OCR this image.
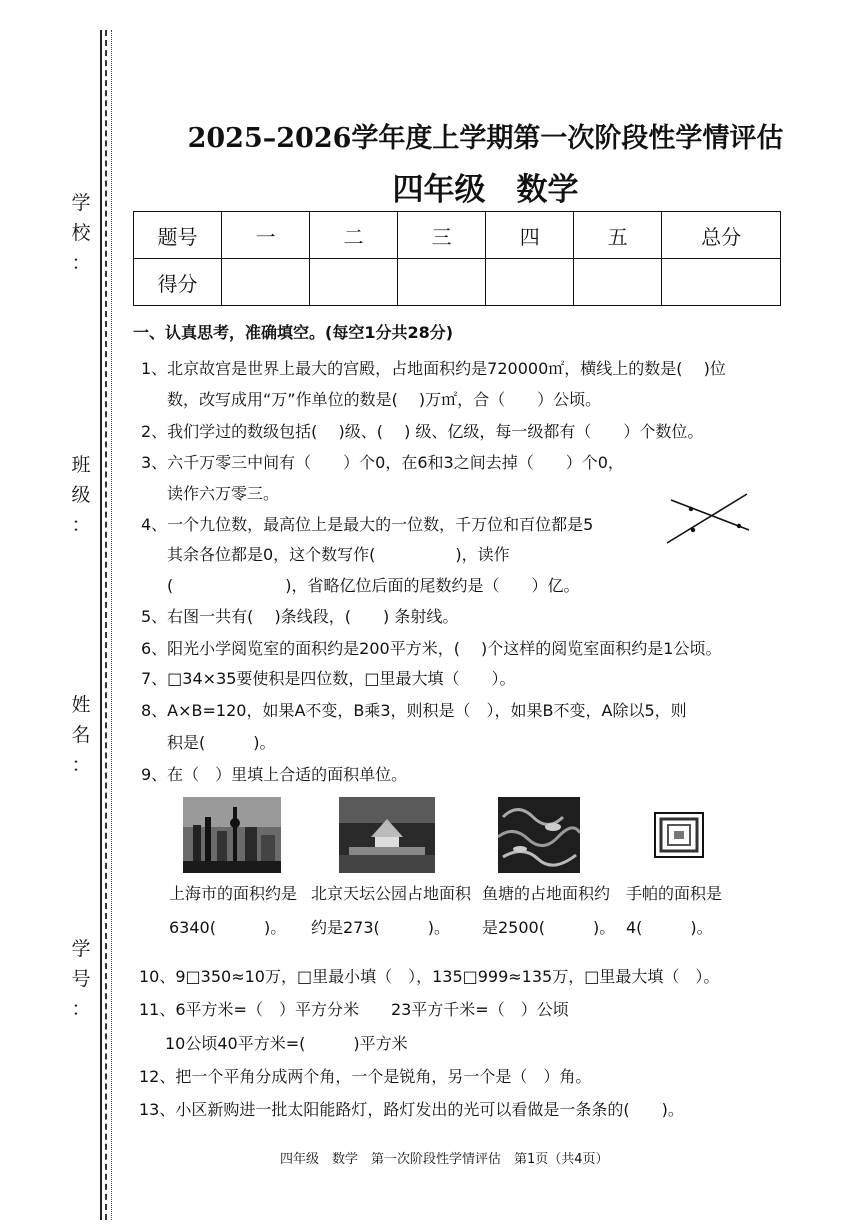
学
校
：
班
级
：
姓
名
：
学
号
：
2025–2026学年度上学期第一次阶段性学情评估
四年级　数学
题号	一	二	三	四	五	总分
得分						
一、认真思考，准确填空。(每空1分共28分)
1、北京故宫是世界上最大的宫殿，占地面积约是720000㎡，横线上的数是(　 )位
数，改写成用“万”作单位的数是(　 )万㎡，合（　　）公顷。
2、我们学过的数级包括(　 )级、(　 ) 级、亿级，每一级都有（　　）个数位。
3、六千万零三中间有（　　）个0，在6和3之间去掉（　　）个0，
读作六万零三。
4、一个九位数，最高位上是最大的一位数，千万位和百位都是5
其余各位都是0，这个数写作(　　　　　)，读作
(　　　　　　　)，省略亿位后面的尾数约是（　　）亿。
5、右图一共有(　 )条线段，(　　) 条射线。
6、阳光小学阅览室的面积约是200平方米，(　 )个这样的阅览室面积约是1公顷。
7、□34×35要使积是四位数，□里最大填（　　）。
8、A×B=120，如果A不变，B乘3，则积是（　），如果B不变，A除以5，则
积是(　　　)。
9、在（　）里填上合适的面积单位。
上海市的面积约是 北京天坛公园占地面积 鱼塘的占地面积约 手帕的面积是
6340(　　　)。 约是273(　　　)。 是2500(　　　)。 4(　　　)。
10、9□350≈10万，□里最小填（　），135□999≈135万，□里最大填（　）。
11、6平方米=（　）平方分米　　23平方千米=（　）公顷
10公顷40平方米=(　　　)平方米
12、把一个平角分成两个角，一个是锐角，另一个是（　）角。
13、小区新购进一批太阳能路灯，路灯发出的光可以看做是一条条的(　　)。
四年级　数学　第一次阶段性学情评估　第1页（共4页）
